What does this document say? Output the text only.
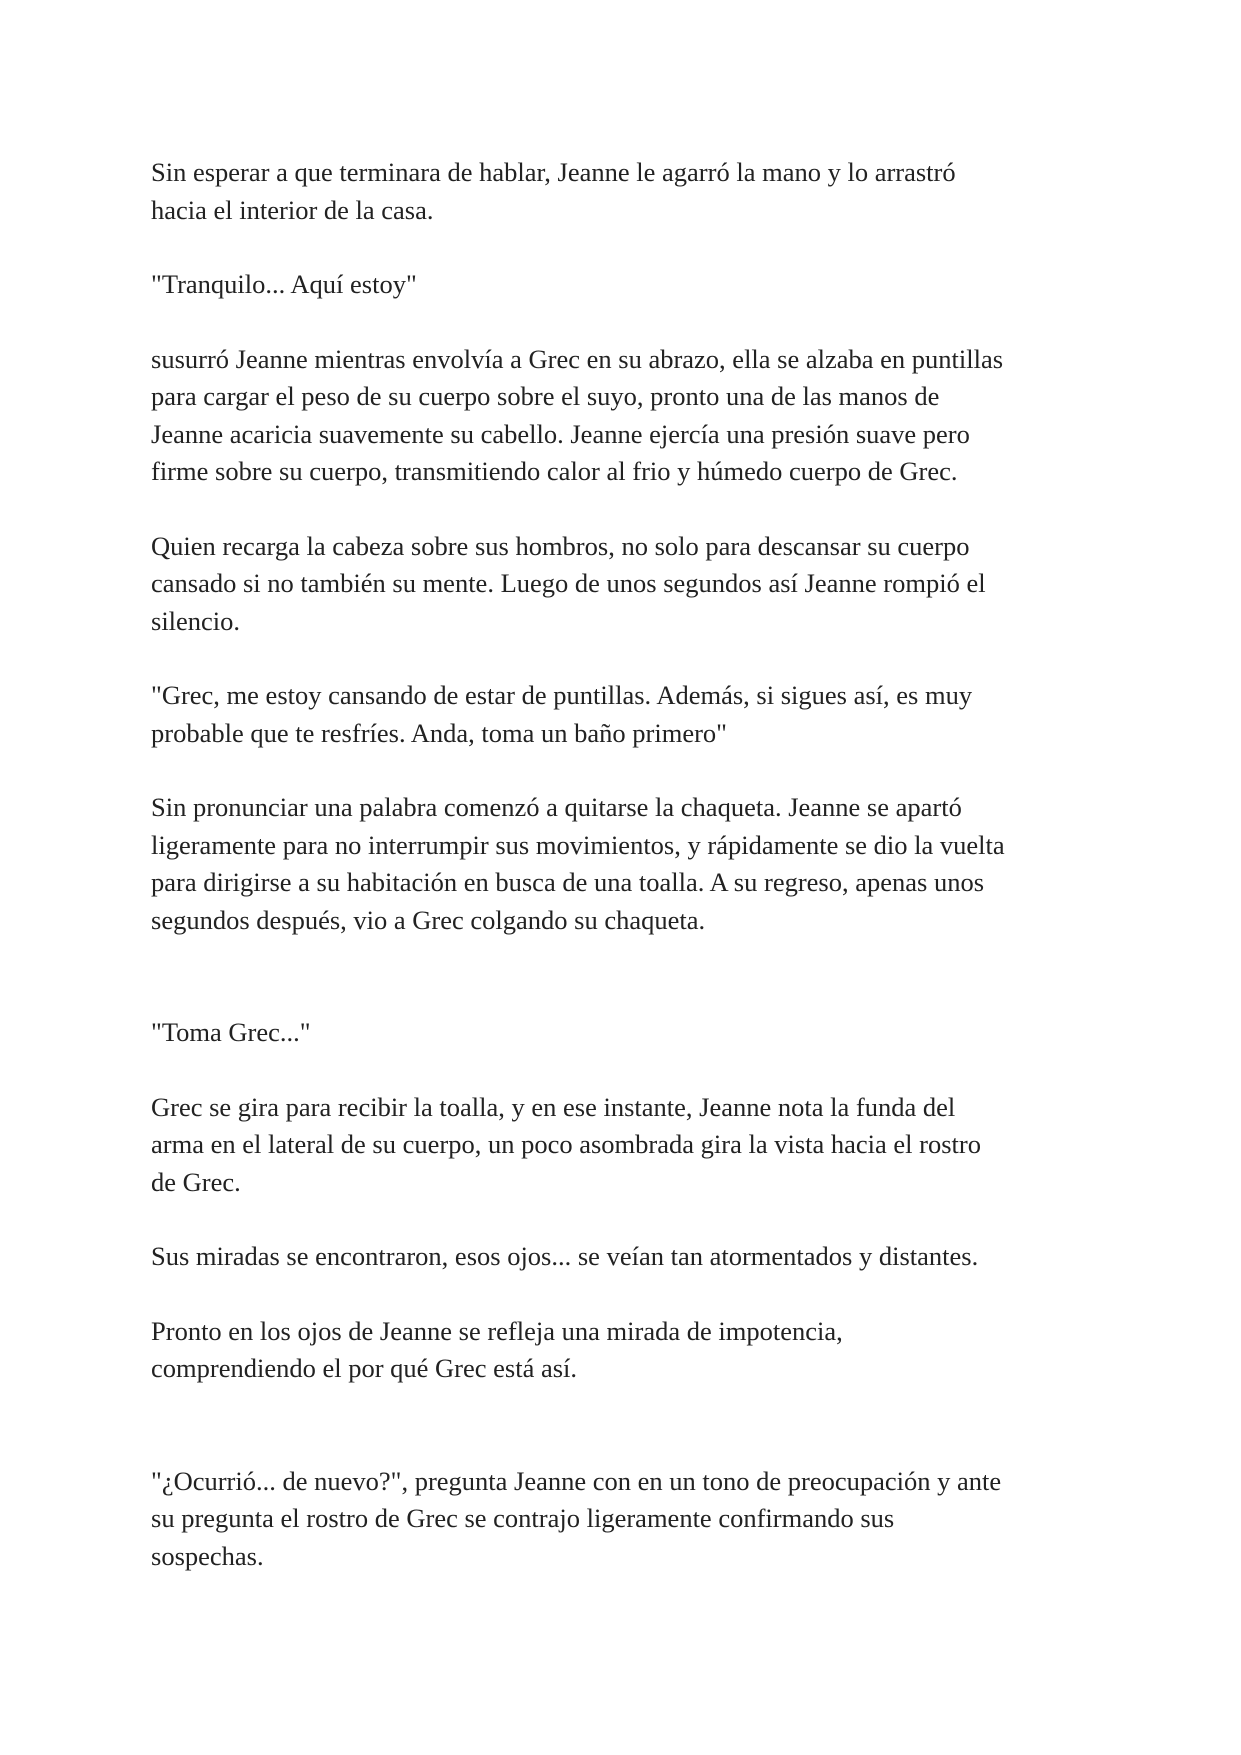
Sin esperar a que terminara de hablar, Jeanne le agarró la mano y lo arrastró
hacia el interior de la casa.

"Tranquilo... Aquí estoy"

susurró Jeanne mientras envolvía a Grec en su abrazo, ella se alzaba en puntillas
para cargar el peso de su cuerpo sobre el suyo, pronto una de las manos de
Jeanne acaricia suavemente su cabello. Jeanne ejercía una presión suave pero
firme sobre su cuerpo, transmitiendo calor al frio y húmedo cuerpo de Grec.

Quien recarga la cabeza sobre sus hombros, no solo para descansar su cuerpo
cansado si no también su mente. Luego de unos segundos así Jeanne rompió el
silencio.

"Grec, me estoy cansando de estar de puntillas. Además, si sigues así, es muy
probable que te resfríes. Anda, toma un baño primero"

Sin pronunciar una palabra comenzó a quitarse la chaqueta. Jeanne se apartó
ligeramente para no interrumpir sus movimientos, y rápidamente se dio la vuelta
para dirigirse a su habitación en busca de una toalla. A su regreso, apenas unos
segundos después, vio a Grec colgando su chaqueta.

"Toma Grec..."

Grec se gira para recibir la toalla, y en ese instante, Jeanne nota la funda del
arma en el lateral de su cuerpo, un poco asombrada gira la vista hacia el rostro
de Grec.

Sus miradas se encontraron, esos ojos... se veían tan atormentados y distantes.

Pronto en los ojos de Jeanne se refleja una mirada de impotencia,
comprendiendo el por qué Grec está así.

"¿Ocurrió... de nuevo?", pregunta Jeanne con en un tono de preocupación y ante
su pregunta el rostro de Grec se contrajo ligeramente confirmando sus
sospechas.
